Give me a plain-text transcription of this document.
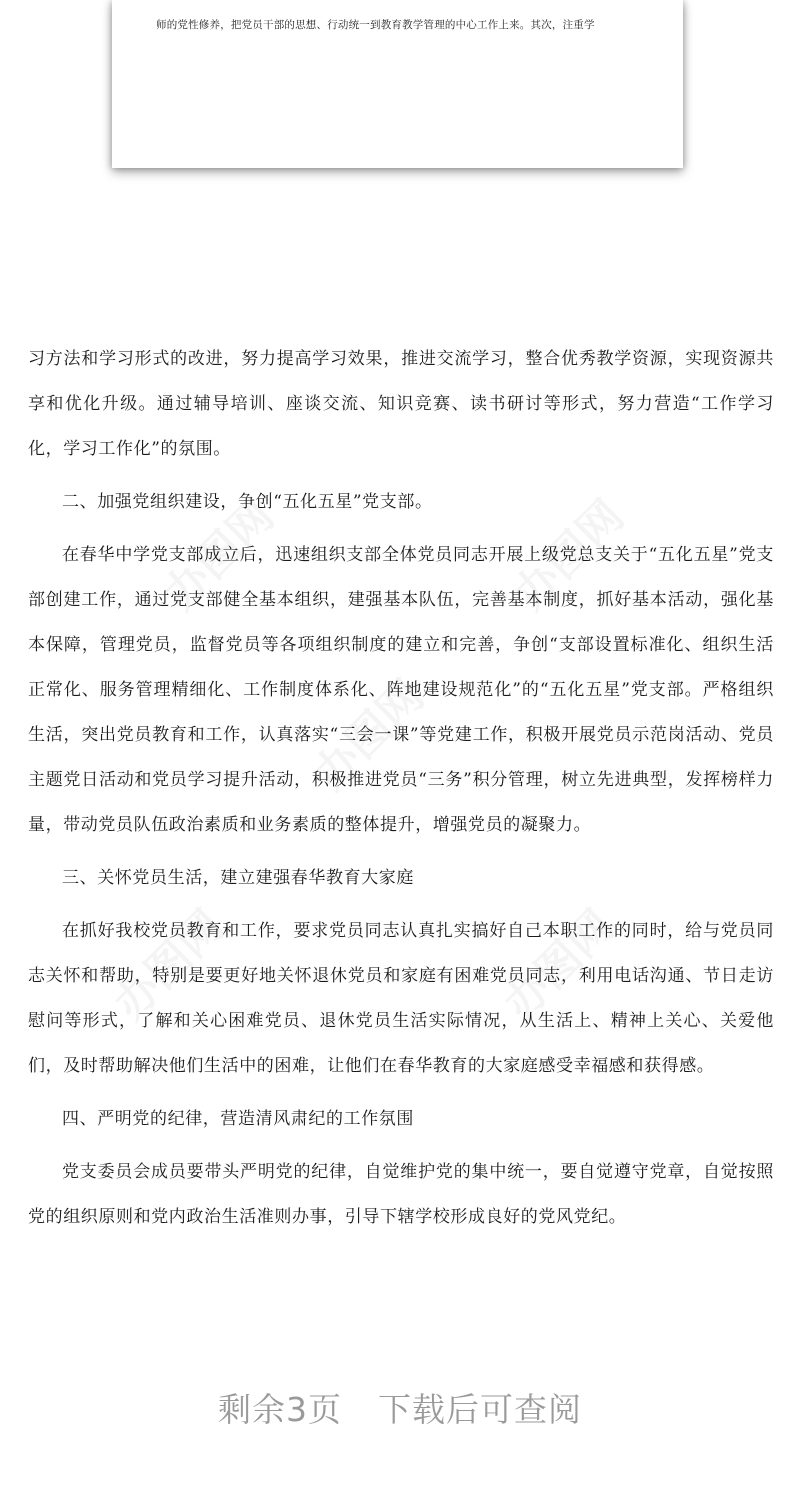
师的党性修养，把党员干部的思想、行动统一到教育教学管理的中心工作上来。其次，注重学

习方法和学习形式的改进，努力提高学习效果，推进交流学习，整合优秀教学资源，实现资源共享和优化升级。通过辅导培训、座谈交流、知识竞赛、读书研讨等形式，努力营造“工作学习化，学习工作化”的氛围。

二、加强党组织建设，争创“五化五星”党支部。

在春华中学党支部成立后，迅速组织支部全体党员同志开展上级党总支关于“五化五星”党支部创建工作，通过党支部健全基本组织，建强基本队伍，完善基本制度，抓好基本活动，强化基本保障，管理党员，监督党员等各项组织制度的建立和完善，争创“支部设置标准化、组织生活正常化、服务管理精细化、工作制度体系化、阵地建设规范化”的“五化五星”党支部。严格组织生活，突出党员教育和工作，认真落实“三会一课”等党建工作，积极开展党员示范岗活动、党员主题党日活动和党员学习提升活动，积极推进党员“三务”积分管理，树立先进典型，发挥榜样力量，带动党员队伍政治素质和业务素质的整体提升，增强党员的凝聚力。

三、关怀党员生活，建立建强春华教育大家庭

在抓好我校党员教育和工作，要求党员同志认真扎实搞好自己本职工作的同时，给与党员同志关怀和帮助，特别是要更好地关怀退休党员和家庭有困难党员同志，利用电话沟通、节日走访慰问等形式，了解和关心困难党员、退休党员生活实际情况，从生活上、精神上关心、关爱他们，及时帮助解决他们生活中的困难，让他们在春华教育的大家庭感受幸福感和获得感。

四、严明党的纪律，营造清风肃纪的工作氛围

党支委员会成员要带头严明党的纪律，自觉维护党的集中统一，要自觉遵守党章，自觉按照党的组织原则和党内政治生活准则办事，引导下辖学校形成良好的党风党纪。

剩余3页 下载后可查阅
